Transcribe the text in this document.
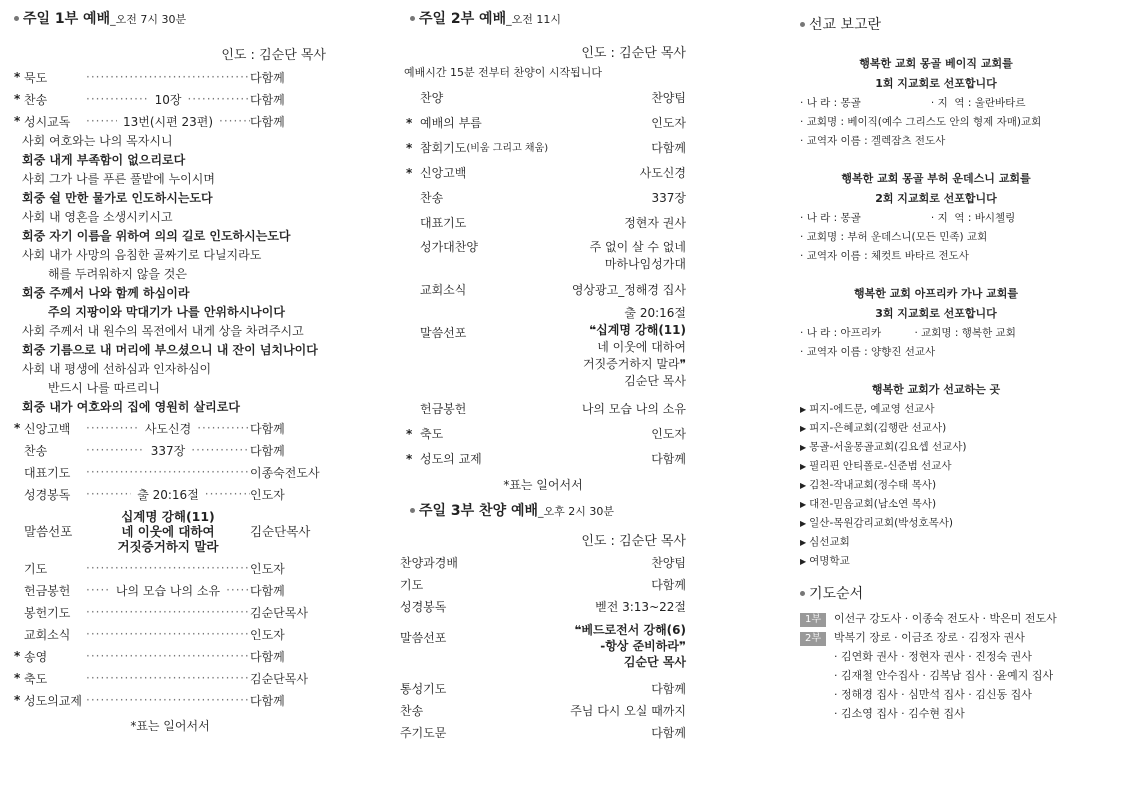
주일 1부 예배_오전 7시 30분
인도 : 김순단 목사
* 묵도 ·····	다함께
* 찬송 ·····	10장 ·····	다함께
* 성시교독 ·····	13번(시편 23편) ·····	다함께
사회 여호와는 나의 목자시니
회중 내게 부족함이 없으리로다
사회 그가 나를 푸른 풀밭에 누이시며
회중 쉴 만한 물가로 인도하시는도다
사회 내 영혼을 소생시키시고
회중 자기 이름을 위하여 의의 길로 인도하시는도다
사회 내가 사망의 음침한 골짜기로 다닐지라도
해를 두려워하지 않을 것은
회중 주께서 나와 함께 하심이라
주의 지팡이와 막대기가 나를 안위하시나이다
사회 주께서 내 원수의 목전에서 내게 상을 차려주시고
회중 기름으로 내 머리에 부으셨으니 내 잔이 넘치나이다
사회 내 평생에 선하심과 인자하심이
반드시 나를 따르리니
회중 내가 여호와의 집에 영원히 살리로다
* 신앙고백 ·····	사도신경 ·····	다함께
찬송 ·····	337장 ·····	다함께
대표기도 ·····	이종숙전도사
성경봉독 ·····	출 20:16절 ·····	인도자
말씀선포
십계명 강해(11)
네 이웃에 대하여
거짓증거하지 말라
김순단목사
기도 ·····	인도자
헌금봉헌 ·····	나의 모습 나의 소유 ·····	다함께
봉헌기도 ·····	김순단목사
교회소식 ·····	인도자
* 송영 ·····	다함께
* 축도 ·····	김순단목사
* 성도의교제 ·····	다함께
*표는 일어서서
주일 2부 예배_오전 11시
인도 : 김순단 목사
예배시간 15분 전부터 찬양이 시작됩니다
찬양	찬양팀
* 예배의 부름	인도자
* 참회기도 (비움 그리고 채움)	다함께
* 신앙고백	사도신경
찬송	337장
대표기도	정현자 권사
성가대찬양	주 없이 살 수 없네
마하나임성가대
교회소식	영상광고_정해경 집사
말씀선포
출 20:16절
❝십계명 강해(11)
네 이웃에 대하여
거짓증거하지 말라❞
김순단 목사
헌금봉헌	나의 모습 나의 소유
* 축도	인도자
* 성도의 교제	다함께
*표는 일어서서
주일 3부 찬양 예배_오후 2시 30분
인도 : 김순단 목사
찬양과경배	찬양팀
기도	다함께
성경봉독	벧전 3:13~22절
말씀선포
❝베드로전서 강해(6)
-항상 준비하라❞
김순단 목사
통성기도	다함께
찬송	주님 다시 오실 때까지
주기도문	다함께
선교 보고란
행복한 교회 몽골 베이직 교회를
1회 지교회로 선포합니다
· 나 라 : 몽골                     · 지  역 : 울란바타르
· 교회명 : 베이직(예수 그리스도 안의 형제 자매)교회
· 교역자 이름 : 겔렉잠츠 전도사
행복한 교회 몽골 부허 운데스니 교회를
2회 지교회로 선포합니다
· 나 라 : 몽골                     · 지  역 : 바시첼링
· 교회명 : 부허 운데스니(모든 민족) 교회
· 교역자 이름 : 체컷트 바타르 전도사
행복한 교회 아프리카 가나 교회를
3회 지교회로 선포합니다
· 나 라 : 아프리카          · 교회명 : 행복한 교회
· 교역자 이름 : 양향진 선교사
행복한 교회가 선교하는 곳
▶ 피지-에드문, 예교영 선교사
▶ 피지-은혜교회(김행란 선교사)
▶ 몽골-서울몽골교회(김요셉 선교사)
▶ 필리핀 안티폴로-신준범 선교사
▶ 김천-작내교회(정수태 목사)
▶ 대전-믿음교회(남소연 목사)
▶ 일산-목원감리교회(박성호목사)
▶ 심선교회
▶ 여명학교
기도순서
1부 이선구 강도사 · 이종숙 전도사 · 박은미 전도사
2부 박복기 장로 · 이금조 장로 · 김정자 권사
· 김연화 권사 · 정현자 권사 · 진정숙 권사
· 김재철 안수집사 · 김복남 집사 · 윤예지 집사
· 정해경 집사 · 심만석 집사 · 김신동 집사
· 김소영 집사 · 김수현 집사
